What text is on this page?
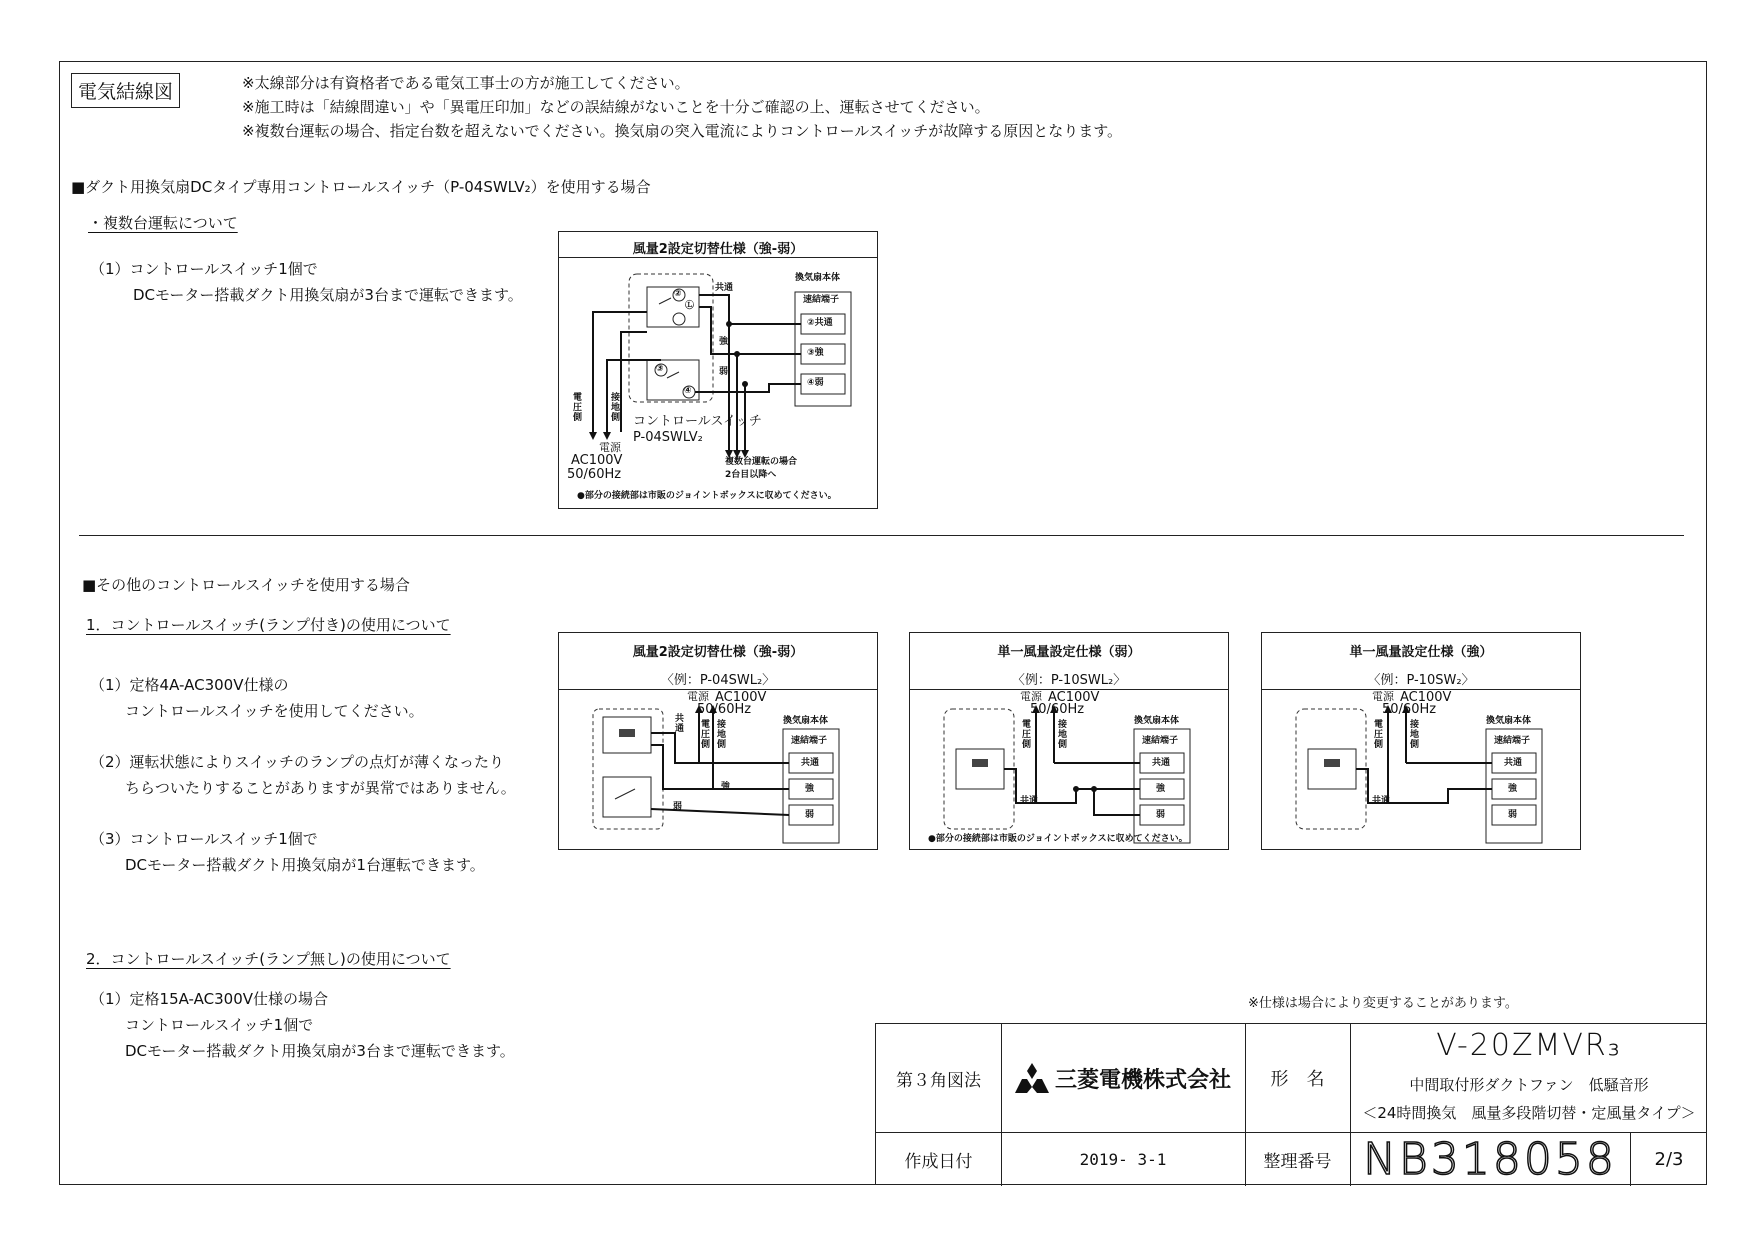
電気結線図	※太線部分は有資格者である電気工事士の方が施工してください。
※施工時は「結線間違い」や「異電圧印加」などの誤結線がないことを十分ご確認の上、運転させてください。
※複数台運転の場合、指定台数を超えないでください。換気扇の突入電流によりコントロールスイッチが故障する原因となります。
■ダクト用換気扇DCタイプ専用コントロールスイッチ（P-04SWLV₂）を使用する場合
・複数台運転について
（1）コントロールスイッチ1個で
DCモーター搭載ダクト用換気扇が3台まで運転できます。
風量2設定切替仕様（強-弱）
換気扇本体
速結端子
②共通
③強
④弱
共通
強
弱
②
Ⓛ
③
④
電圧側
接地側 コントロールスイッチ
P-04SWLV₂
電源
AC100V
50/60Hz
複数台運転の場合
2台目以降へ
●部分の接続部は市販のジョイントボックスに収めてください。
■その他のコントロールスイッチを使用する場合
1．コントロールスイッチ(ランプ付き)の使用について
（1）定格4A-AC300V仕様の
コントロールスイッチを使用してください。
（2）運転状態によりスイッチのランプの点灯が薄くなったり
ちらついたりすることがありますが異常ではありません。
（3）コントロールスイッチ1個で
DCモーター搭載ダクト用換気扇が1台運転できます。
2．コントロールスイッチ(ランプ無し)の使用について
（1）定格15A-AC300V仕様の場合
コントロールスイッチ1個で
DCモーター搭載ダクト用換気扇が3台まで運転できます。
風量2設定切替仕様（強-弱）
〈例：P-04SWL₂〉
電源 AC100V
50/60Hz
換気扇本体
速結端子
共通
強
弱
共通
強
弱
電圧側
接地側
単一風量設定仕様（弱）
〈例：P-10SWL₂〉
電源 AC100V
50/60Hz
換気扇本体
速結端子
共通
強
弱
共通
電圧側
接地側
●部分の接続部は市販のジョイントボックスに収めてください。
単一風量設定仕様（強）
〈例：P-10SW₂〉
電源 AC100V
50/60Hz
換気扇本体
速結端子
共通
強
弱
共通
電圧側
接地側
※仕様は場合により変更することがあります。
第３角図法	三菱電機株式会社	形　名
V-20ZMVR₃
中間取付形ダクトファン　低騒音形
＜24時間換気　風量多段階切替・定風量タイプ＞
作成日付	2019- 3-1	整理番号 NB318058	2/3
